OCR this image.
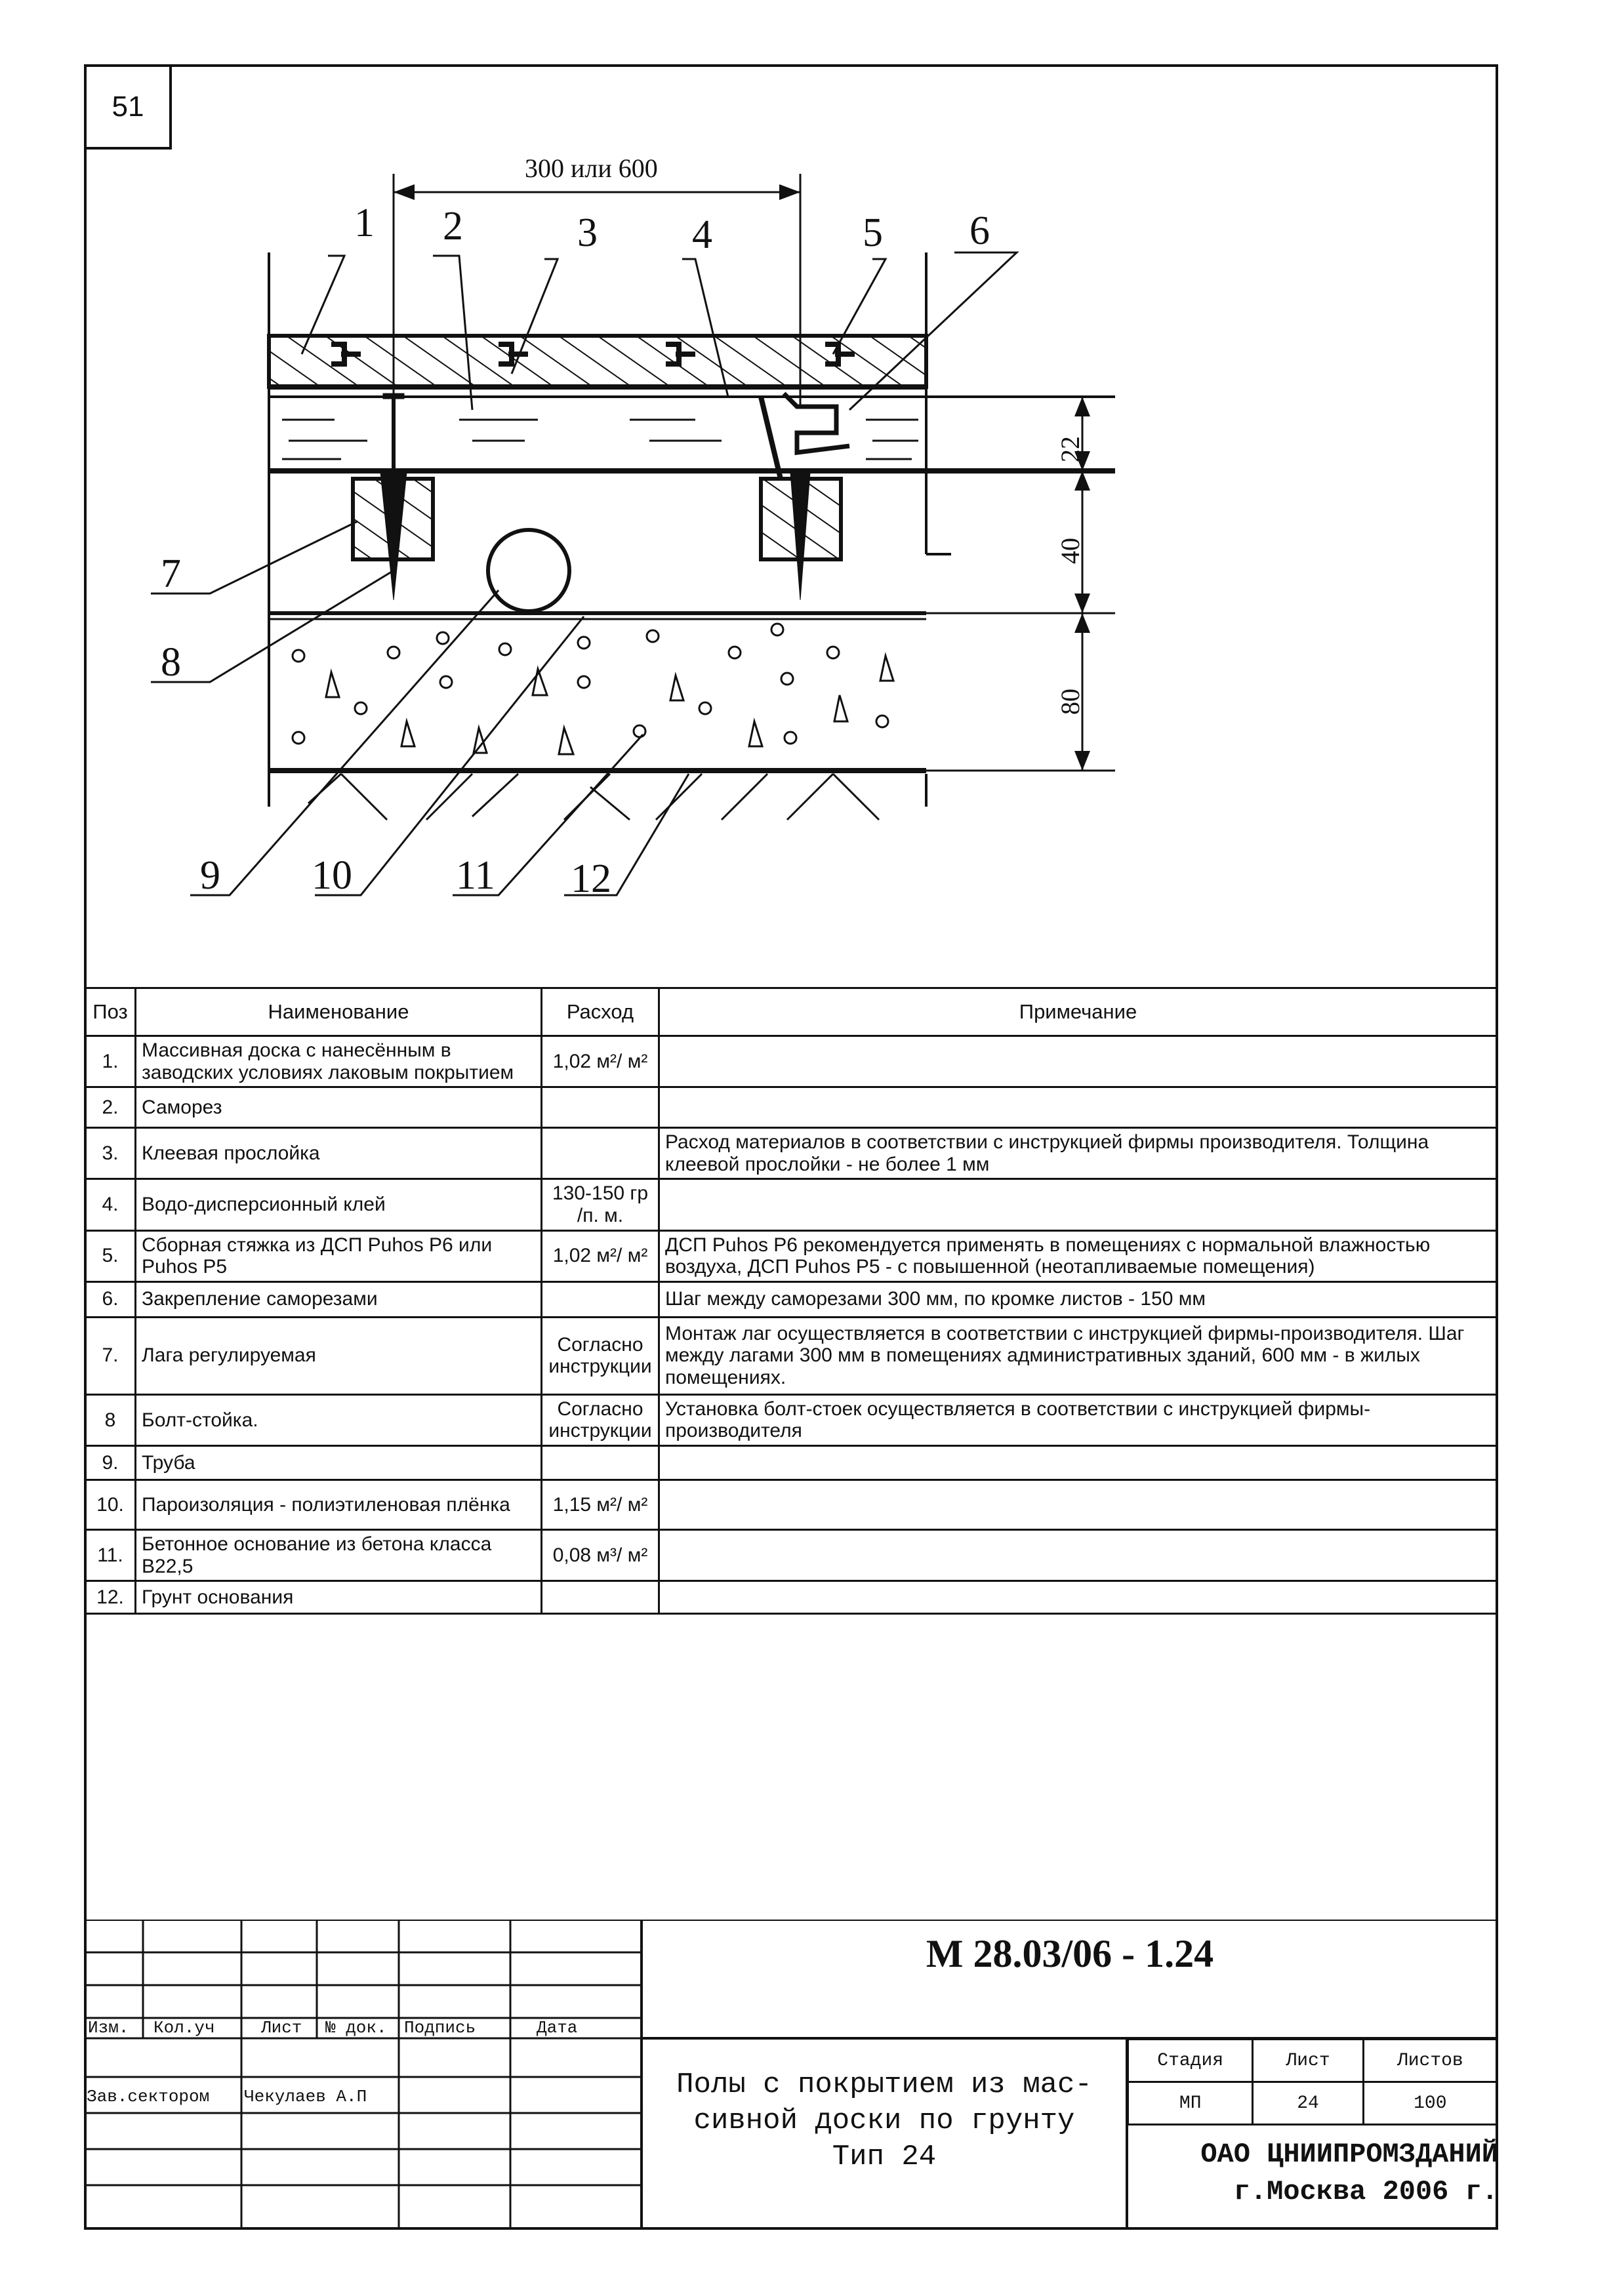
51
300 или 600
22
40
80
1 2	3 4	5 6
7
8
9 10	11 12
Поз	Наименование	Расход	Примечание
1.	Массивная доска с нанесённым в заводских условиях лаковым покрытием	1,02 м²/ м²	
2.	Саморез		
3.	Клеевая прослойка		Расход материалов в соответствии с инструкцией фирмы производителя. Толщина клеевой прослойки - не более 1 мм
4.	Водо-дисперсионный клей	130-150 гр /п. м.	
5.	Сборная стяжка из ДСП Puhos P6 или Puhos P5	1,02 м²/ м²	ДСП Puhos P6 рекомендуется применять в помещениях с нормальной влажностью воздуха, ДСП Puhos P5 - с повышенной (неотапливаемые помещения)
6.	Закрепление саморезами		Шаг между саморезами 300 мм, по кромке листов - 150 мм
7.	Лага регулируемая	Согласно инструкции	Монтаж лаг осуществляется в соответствии с инструкцией фирмы-производителя. Шаг между лагами 300 мм в помещениях административных зданий, 600 мм - в жилых помещениях.
8	Болт-стойка.	Согласно инструкции	Установка болт-стоек осуществляется в соответствии с инструкцией фирмы-производителя
9.	Труба		
10.	Пароизоляция - полиэтиленовая плёнка	1,15 м²/ м²	
11.	Бетонное основание из бетона класса В22,5	0,08 м³/ м²	
12.	Грунт основания		
Изм. Кол.уч	Лист № док. Подпись	Дата
Зав.сектором Чекулаев А.П
М 28.03/06 - 1.24
Полы с покрытием из мас-
сивной доски по грунту
Тип 24
Стадия	Лист	Листов
МП	24	100
ОАО ЦНИИПРОМЗДАНИЙ
г.Москва 2006 г.
